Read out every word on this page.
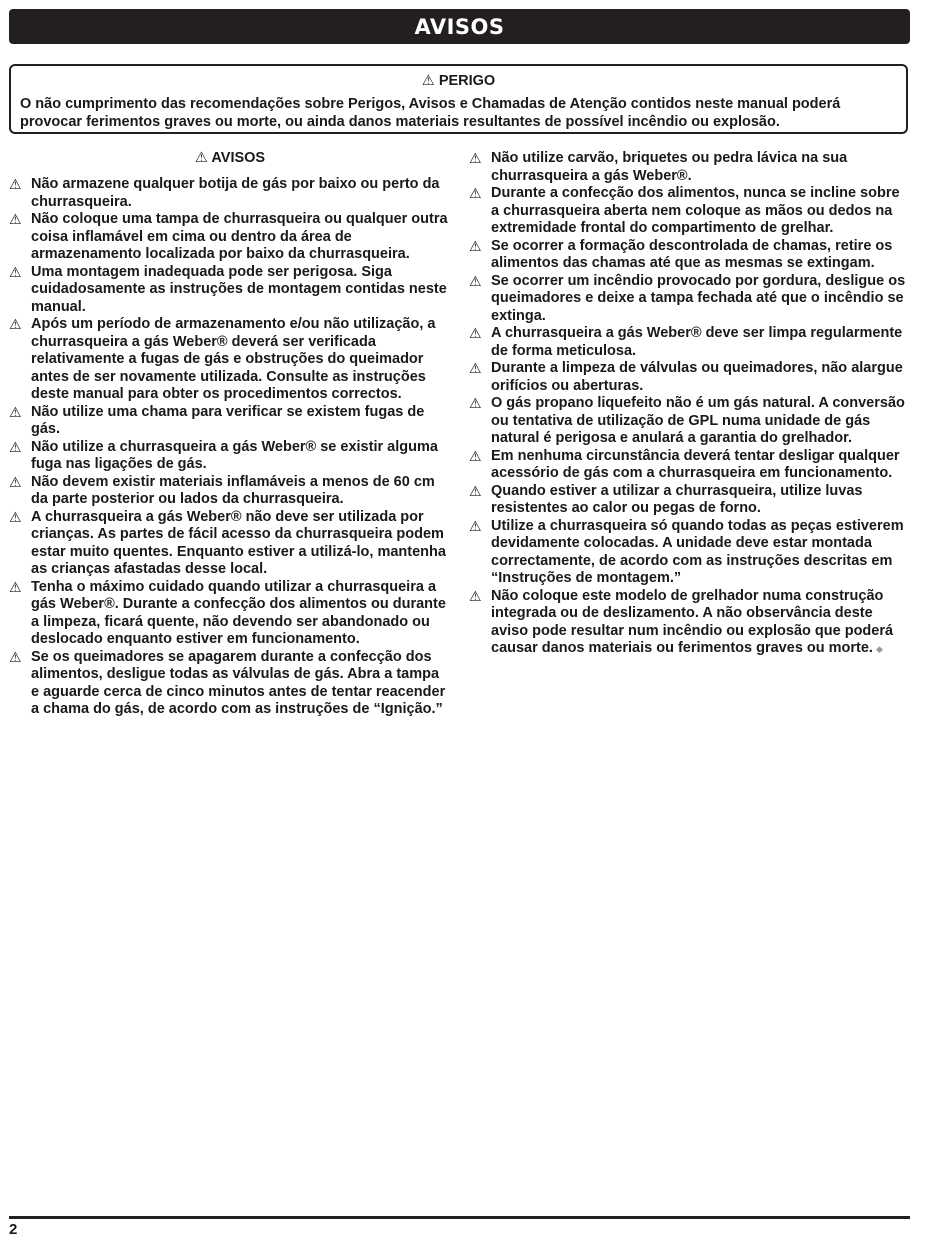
AVISOS
⚠ PERIGO
O não cumprimento das recomendações sobre Perigos, Avisos e Chamadas de Atenção contidos neste manual poderá provocar ferimentos graves ou morte, ou ainda danos materiais resultantes de possível incêndio ou explosão.
⚠ AVISOS
⚠ Não armazene qualquer botija de gás por baixo ou perto da churrasqueira.
⚠ Não coloque uma tampa de churrasqueira ou qualquer outra coisa inflamável em cima ou dentro da área de armazenamento localizada por baixo da churrasqueira.
⚠ Uma montagem inadequada pode ser perigosa. Siga cuidadosamente as instruções de montagem contidas neste manual.
⚠ Após um período de armazenamento e/ou não utilização, a churrasqueira a gás Weber® deverá ser verificada relativamente a fugas de gás e obstruções do queimador antes de ser novamente utilizada. Consulte as instruções deste manual para obter os procedimentos correctos.
⚠ Não utilize uma chama para verificar se existem fugas de gás.
⚠ Não utilize a churrasqueira a gás Weber® se existir alguma fuga nas ligações de gás.
⚠ Não devem existir materiais inflamáveis a menos de 60 cm da parte posterior ou lados da churrasqueira.
⚠ A churrasqueira a gás Weber® não deve ser utilizada por crianças. As partes de fácil acesso da churrasqueira podem estar muito quentes. Enquanto estiver a utilizá-lo, mantenha as crianças afastadas desse local.
⚠ Tenha o máximo cuidado quando utilizar a churrasqueira a gás Weber®. Durante a confecção dos alimentos ou durante a limpeza, ficará quente, não devendo ser abandonado ou deslocado enquanto estiver em funcionamento.
⚠ Se os queimadores se apagarem durante a confecção dos alimentos, desligue todas as válvulas de gás. Abra a tampa e aguarde cerca de cinco minutos antes de tentar reacender a chama do gás, de acordo com as instruções de “Ignição.”
⚠ Não utilize carvão, briquetes ou pedra lávica na sua churrasqueira a gás Weber®.
⚠ Durante a confecção dos alimentos, nunca se incline sobre a churrasqueira aberta nem coloque as mãos ou dedos na extremidade frontal do compartimento de grelhar.
⚠ Se ocorrer a formação descontrolada de chamas, retire os alimentos das chamas até que as mesmas se extingam.
⚠ Se ocorrer um incêndio provocado por gordura, desligue os queimadores e deixe a tampa fechada até que o incêndio se extinga.
⚠ A churrasqueira a gás Weber® deve ser limpa regularmente de forma meticulosa.
⚠ Durante a limpeza de válvulas ou queimadores, não alargue orifícios ou aberturas.
⚠ O gás propano liquefeito não é um gás natural. A conversão ou tentativa de utilização de GPL numa unidade de gás natural é perigosa e anulará a garantia do grelhador.
⚠ Em nenhuma circunstância deverá tentar desligar qualquer acessório de gás com a churrasqueira em funcionamento.
⚠ Quando estiver a utilizar a churrasqueira, utilize luvas resistentes ao calor ou pegas de forno.
⚠ Utilize a churrasqueira só quando todas as peças estiverem devidamente colocadas. A unidade deve estar montada correctamente, de acordo com as instruções descritas em “Instruções de montagem.”
⚠ Não coloque este modelo de grelhador numa construção integrada ou de deslizamento. A não observância deste aviso pode resultar num incêndio ou explosão que poderá causar danos materiais ou ferimentos graves ou morte. ◆
2
